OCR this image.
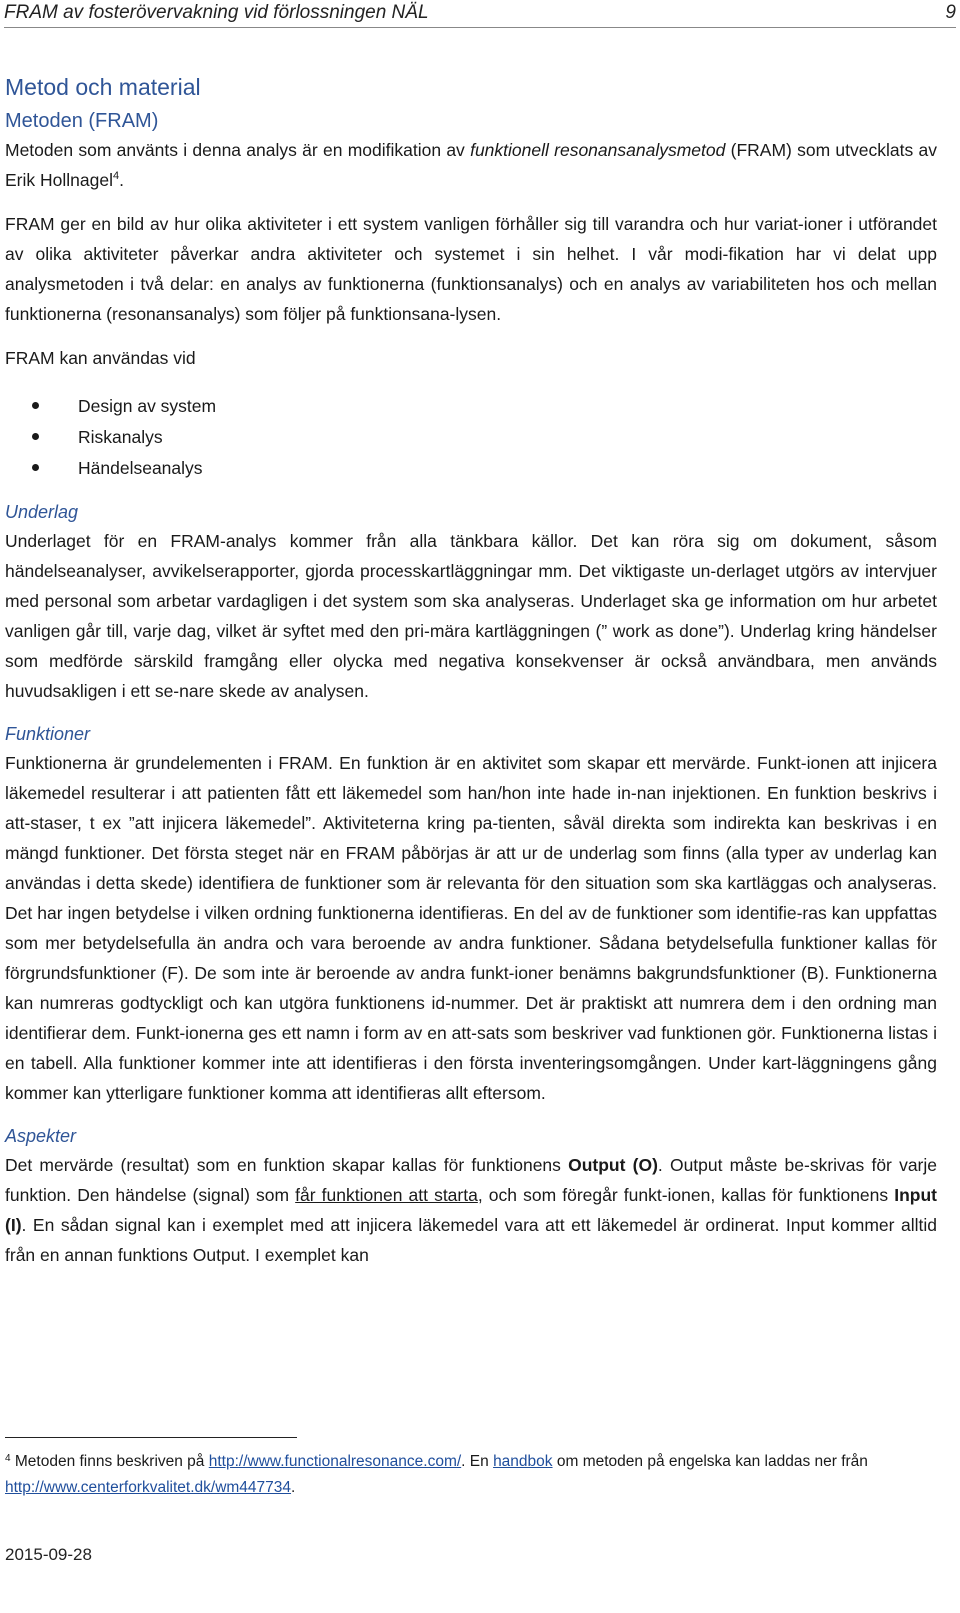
FRAM av fosterövervakning vid förlossningen NÄL	9
Metod och material
Metoden (FRAM)

Metoden som använts i denna analys är en modifikation av funktionell resonansanalysmetod (FRAM) som utvecklats av Erik Hollnagel$^4$.

FRAM ger en bild av hur olika aktiviteter i ett system vanligen förhåller sig till varandra och hur variat-ioner i utförandet av olika aktiviteter påverkar andra aktiviteter och systemet i sin helhet. I vår modi-fikation har vi delat upp analysmetoden i två delar: en analys av funktionerna (funktionsanalys) och en analys av variabiliteten hos och mellan funktionerna (resonansanalys) som följer på funktionsana-lysen.

FRAM kan användas vid

Design av system
Riskanalys
Händelseanalys
Underlag

Underlaget för en FRAM-analys kommer från alla tänkbara källor. Det kan röra sig om dokument, såsom händelseanalyser, avvikelserapporter, gjorda processkartläggningar mm. Det viktigaste un-derlaget utgörs av intervjuer med personal som arbetar vardagligen i det system som ska analyseras. Underlaget ska ge information om hur arbetet vanligen går till, varje dag, vilket är syftet med den pri-mära kartläggningen (” work as done”). Underlag kring händelser som medförde särskild framgång eller olycka med negativa konsekvenser är också användbara, men används huvudsakligen i ett se-nare skede av analysen.

Funktioner

Funktionerna är grundelementen i FRAM. En funktion är en aktivitet som skapar ett mervärde. Funkt-ionen att injicera läkemedel resulterar i att patienten fått ett läkemedel som han/hon inte hade in-nan injektionen. En funktion beskrivs i att-staser, t ex ”att injicera läkemedel”. Aktiviteterna kring pa-tienten, såväl direkta som indirekta kan beskrivas i en mängd funktioner. Det första steget när en FRAM påbörjas är att ur de underlag som finns (alla typer av underlag kan användas i detta skede) identifiera de funktioner som är relevanta för den situation som ska kartläggas och analyseras. Det har ingen betydelse i vilken ordning funktionerna identifieras. En del av de funktioner som identifie-ras kan uppfattas som mer betydelsefulla än andra och vara beroende av andra funktioner. Sådana betydelsefulla funktioner kallas för förgrundsfunktioner (F). De som inte är beroende av andra funkt-ioner benämns bakgrundsfunktioner (B). Funktionerna kan numreras godtyckligt och kan utgöra funktionens id-nummer. Det är praktiskt att numrera dem i den ordning man identifierar dem. Funkt-ionerna ges ett namn i form av en att-sats som beskriver vad funktionen gör. Funktionerna listas i en tabell. Alla funktioner kommer inte att identifieras i den första inventeringsomgången. Under kart-läggningens gång kommer kan ytterligare funktioner komma att identifieras allt eftersom.

Aspekter

Det mervärde (resultat) som en funktion skapar kallas för funktionens Output (O). Output måste be-skrivas för varje funktion. Den händelse (signal) som får funktionen att starta, och som föregår funkt-ionen, kallas för funktionens Input (I). En sådan signal kan i exemplet med att injicera läkemedel vara att ett läkemedel är ordinerat. Input kommer alltid från en annan funktions Output. I exemplet kan

$^4$ Metoden finns beskriven på http://www.functionalresonance.com/. En handbok om metoden på engelska kan laddas ner från http://www.centerforkvalitet.dk/wm447734.
2015-09-28
